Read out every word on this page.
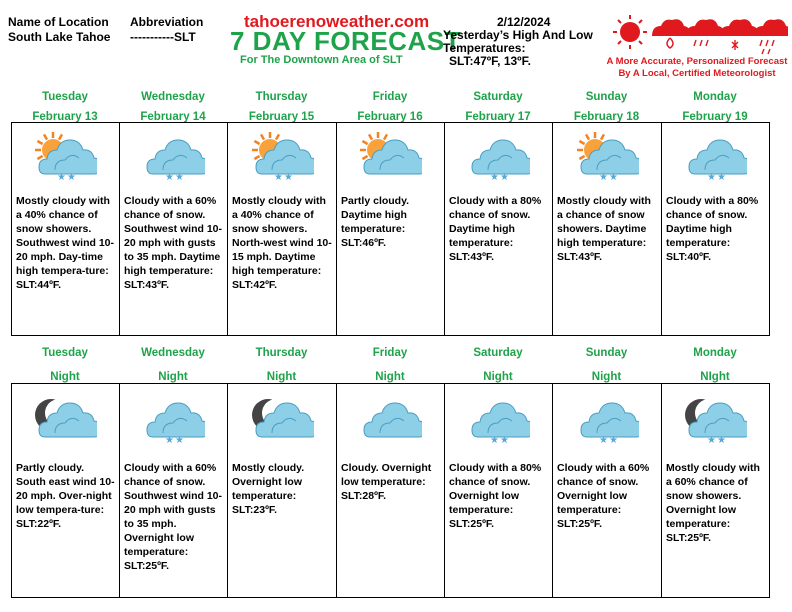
Name of Location	Abbreviation
South Lake Tahoe	-----------SLT
tahoerenoweather.com
7 DAY FORECAST
For The Downtown Area of SLT
2/12/2024
Yesterday’s High And Low
Temperatures:
SLT:47ºF, 13ºF.	A More Accurate, Personalized Forecast
By A Local, Certified Meteorologist
Tuesday
February 13
★ ★
Mostly cloudy with a 40% chance of snow showers. Southwest wind 10-20 mph. Day-time high tempera-ture: SLT:44ºF.
Wednesday
February 14
★ ★
Cloudy with a 60% chance of snow. Southwest wind 10-20 mph with gusts to 35 mph. Daytime high temperature: SLT:43ºF.
Thursday
February 15
★ ★
Mostly cloudy with a 40% chance of snow showers. North-west wind 10-15 mph. Daytime high temperature: SLT:42ºF.
Friday
February 16
Partly cloudy. Daytime high temperature: SLT:46ºF.
Saturday
February 17
★ ★
Cloudy with a 80% chance of snow. Daytime high temperature: SLT:43ºF.
Sunday
February 18
★ ★
Mostly cloudy with a chance of snow showers. Daytime high temperature: SLT:43ºF.
Monday
February 19
★ ★
Cloudy with a 80% chance of snow. Daytime high temperature: SLT:40ºF.
Tuesday
Night
Partly cloudy. South east wind 10-20 mph. Over-night low tempera-ture: SLT:22ºF.
Wednesday
Night
★ ★
Cloudy with a 60% chance of snow. Southwest wind 10-20 mph with gusts to 35 mph. Overnight low temperature: SLT:25ºF.
Thursday
Night
Mostly cloudy. Overnight low temperature: SLT:23ºF.
Friday
Night
Cloudy. Overnight low temperature: SLT:28ºF.
Saturday
Night
★ ★
Cloudy with a 80% chance of snow. Overnight low temperature: SLT:25ºF.
Sunday
Night
★ ★
Cloudy with a 60% chance of snow. Overnight low temperature: SLT:25ºF.
Monday
NIght
★ ★
Mostly cloudy with a 60% chance of snow showers. Overnight low temperature: SLT:25ºF.
